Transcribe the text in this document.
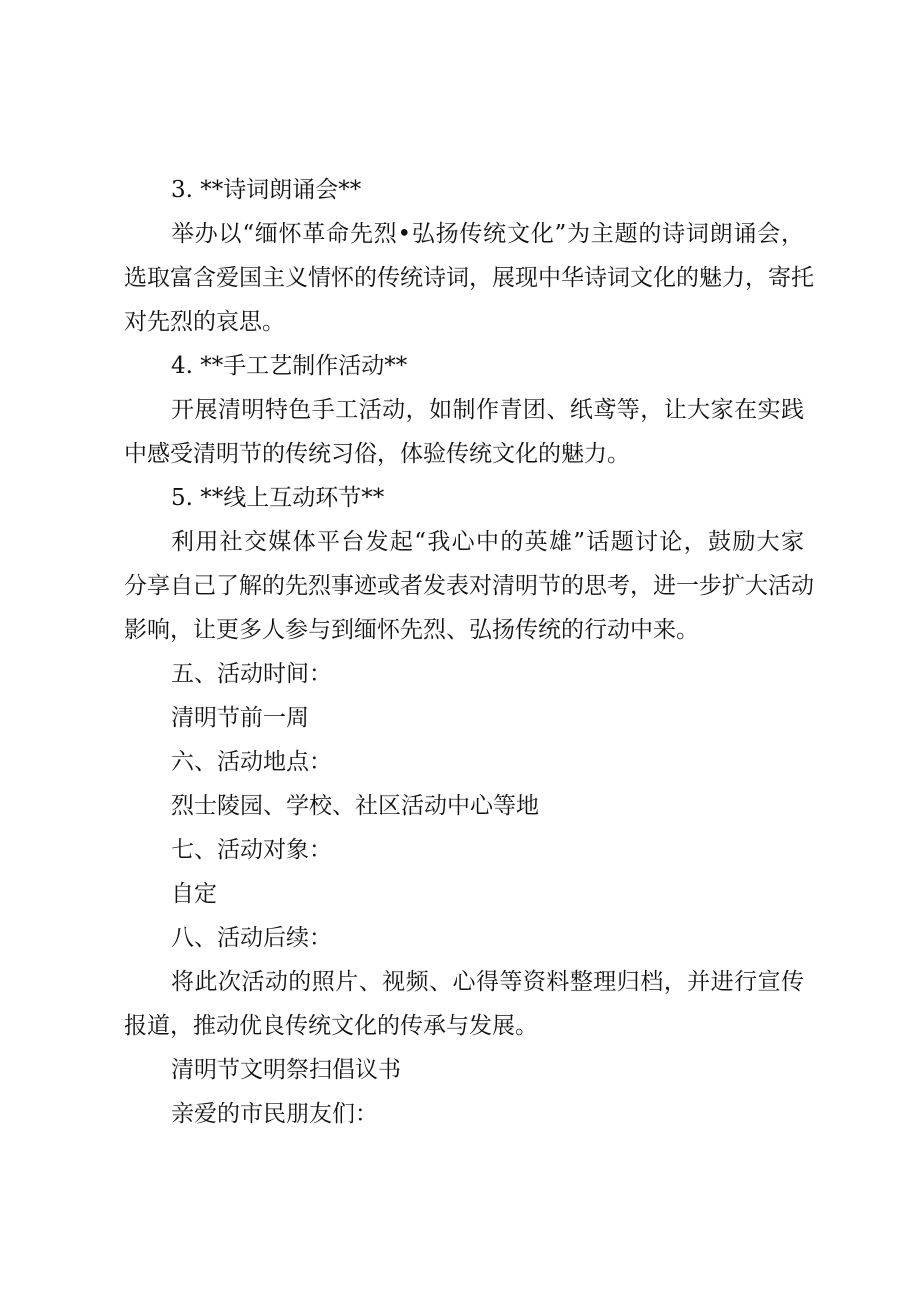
3. **诗词朗诵会**
举办以“缅怀革命先烈•弘扬传统文化”为主题的诗词朗诵会，
选取富含爱国主义情怀的传统诗词，展现中华诗词文化的魅力，寄托
对先烈的哀思。
4. **手工艺制作活动**
开展清明特色手工活动，如制作青团、纸鸢等，让大家在实践
中感受清明节的传统习俗，体验传统文化的魅力。
5. **线上互动环节**
利用社交媒体平台发起“我心中的英雄”话题讨论，鼓励大家
分享自己了解的先烈事迹或者发表对清明节的思考，进一步扩大活动
影响，让更多人参与到缅怀先烈、弘扬传统的行动中来。
五、活动时间：
清明节前一周
六、活动地点：
烈士陵园、学校、社区活动中心等地
七、活动对象：
自定
八、活动后续：
将此次活动的照片、视频、心得等资料整理归档，并进行宣传
报道，推动优良传统文化的传承与发展。
清明节文明祭扫倡议书
亲爱的市民朋友们：
